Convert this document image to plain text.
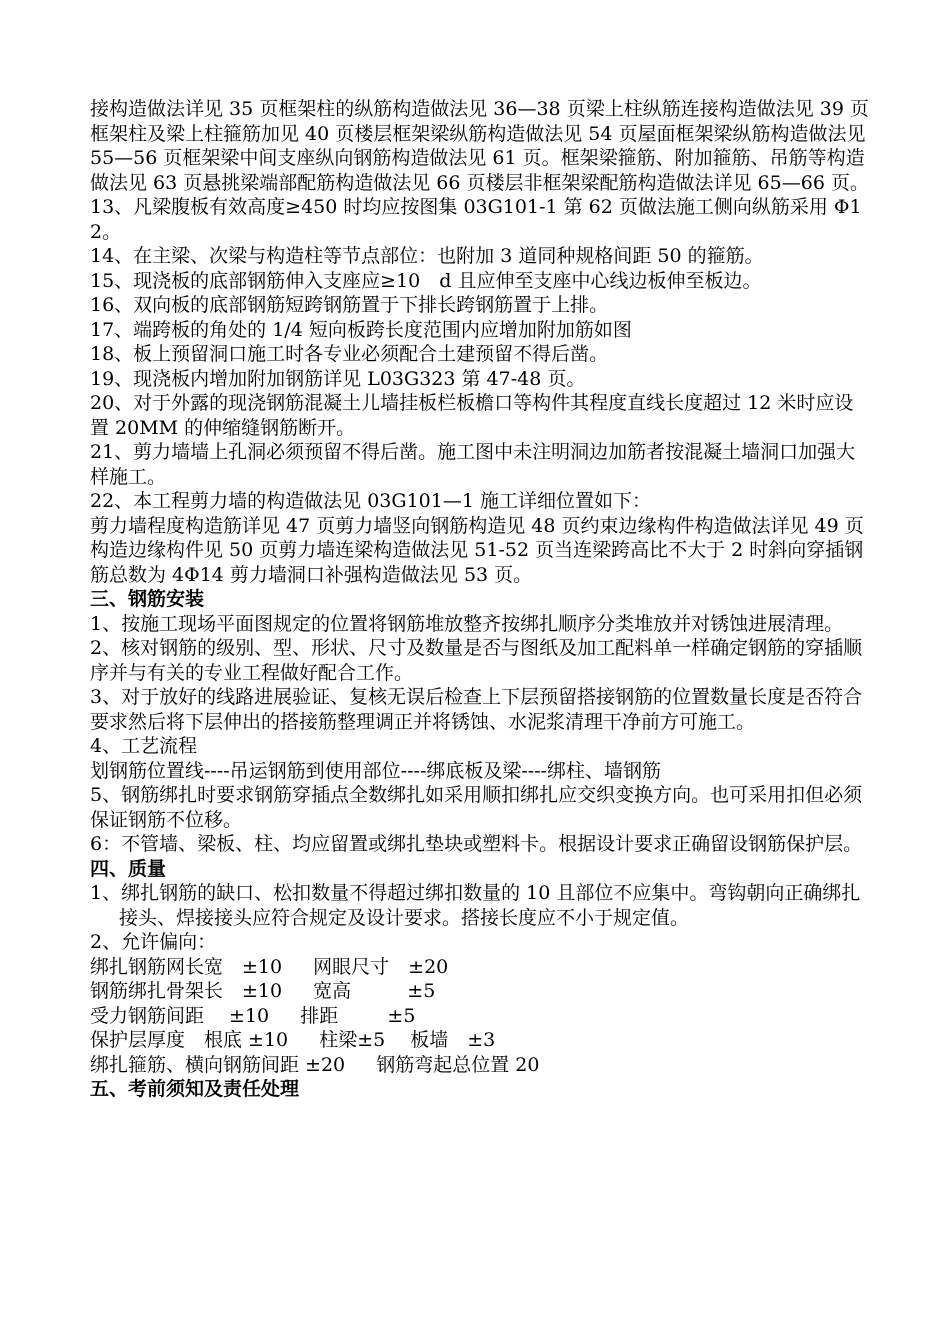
接构造做法详见 35 页框架柱的纵筋构造做法见 36—38 页梁上柱纵筋连接构造做法见 39 页框架柱及梁上柱箍筋加见 40 页楼层框架梁纵筋构造做法见 54 页屋面框架梁纵筋构造做法见 55—56 页框架梁中间支座纵向钢筋构造做法见 61 页。框架梁箍筋、附加箍筋、吊筋等构造做法见 63 页悬挑梁端部配筋构造做法见 66 页楼层非框架梁配筋构造做法详见 65—66 页。

13、凡梁腹板有效高度≥450 时均应按图集 03G101-1 第 62 页做法施工侧向纵筋采用 Φ12。

14、在主梁、次梁与构造柱等节点部位：也附加 3 道同种规格间距 50 的箍筋。

15、现浇板的底部钢筋伸入支座应≥10　d 且应伸至支座中心线边板伸至板边。

16、双向板的底部钢筋短跨钢筋置于下排长跨钢筋置于上排。

17、端跨板的角处的 1/4 短向板跨长度范围内应增加附加筋如图

18、板上预留洞口施工时各专业必须配合土建预留不得后凿。

19、现浇板内增加附加钢筋详见 L03G323 第 47-48 页。

20、对于外露的现浇钢筋混凝土儿墙挂板栏板檐口等构件其程度直线长度超过 12 米时应设置 20MM 的伸缩缝钢筋断开。

21、剪力墙墙上孔洞必须预留不得后凿。施工图中未注明洞边加筋者按混凝土墙洞口加强大样施工。

22、本工程剪力墙的构造做法见 03G101—1 施工详细位置如下：

剪力墙程度构造筋详见 47 页剪力墙竖向钢筋构造见 48 页约束边缘构件构造做法详见 49 页构造边缘构件见 50 页剪力墙连梁构造做法见 51-52 页当连梁跨高比不大于 2 时斜向穿插钢筋总数为 4Φ14 剪力墙洞口补强构造做法见 53 页。

三、钢筋安装

1、按施工现场平面图规定的位置将钢筋堆放整齐按绑扎顺序分类堆放并对锈蚀进展清理。

2、核对钢筋的级别、型、形状、尺寸及数量是否与图纸及加工配料单一样确定钢筋的穿插顺序并与有关的专业工程做好配合工作。

3、对于放好的线路进展验证、复核无误后检查上下层预留搭接钢筋的位置数量长度是否符合要求然后将下层伸出的搭接筋整理调正并将锈蚀、水泥浆清理干净前方可施工。

4、工艺流程

划钢筋位置线----吊运钢筋到使用部位----绑底板及梁----绑柱、墙钢筋

5、钢筋绑扎时要求钢筋穿插点全数绑扎如采用顺扣绑扎应交织变换方向。也可采用扣但必须保证钢筋不位移。

6：不管墙、梁板、柱、均应留置或绑扎垫块或塑料卡。根据设计要求正确留设钢筋保护层。

四、质量

1、绑扎钢筋的缺口、松扣数量不得超过绑扣数量的 10 且部位不应集中。弯钩朝向正确绑扎接头、焊接接头应符合规定及设计要求。搭接长度应不小于规定值。

2、允许偏向：

绑扎钢筋网长宽　±10　  网眼尺寸　±20

钢筋绑扎骨架长　±10　  宽高　　   ±5

受力钢筋间距　 ±10　  排距　     ±5

保护层厚度　根底 ±10 　 柱梁±5　 板墙　±3

绑扎箍筋、横向钢筋间距 ±20　  钢筋弯起总位置 20

五、考前须知及责任处理
